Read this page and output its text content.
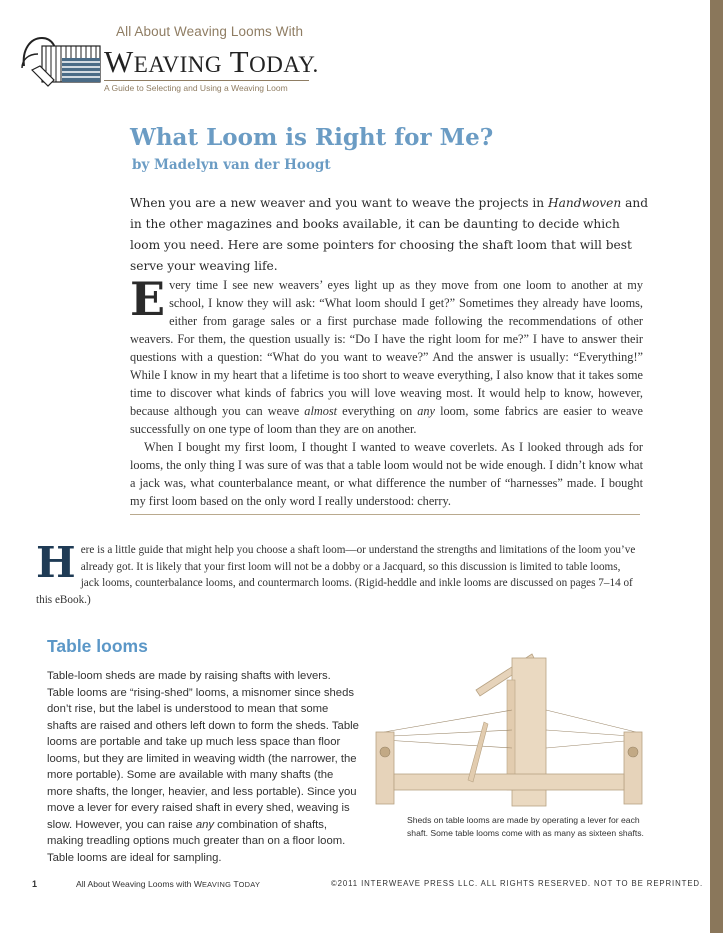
All About Weaving Looms With
WEAVING TODAY.
A Guide to Selecting and Using a Weaving Loom
What Loom is Right for Me?
by Madelyn van der Hoogt

When you are a new weaver and you want to weave the projects in Handwoven and in the other magazines and books available, it can be daunting to decide which loom you need. Here are some pointers for choosing the shaft loom that will best serve your weaving life.

Every time I see new weavers’ eyes light up as they move from one loom to another at my school, I know they will ask: “What loom should I get?” Sometimes they already have looms, either from garage sales or a first purchase made following the recommendations of other weavers. For them, the question usually is: “Do I have the right loom for me?” I have to answer their questions with a question: “What do you want to weave?” And the answer is usually: “Everything!” While I know in my heart that a lifetime is too short to weave everything, I also know that it takes some time to discover what kinds of fabrics you will love weaving most. It would help to know, however, because although you can weave almost everything on any loom, some fabrics are easier to weave successfully on one type of loom than they are on another.

When I bought my first loom, I thought I wanted to weave coverlets. As I looked through ads for looms, the only thing I was sure of was that a table loom would not be wide enough. I didn’t know what a jack was, what counterbalance meant, or what difference the number of “harnesses” made. I bought my first loom based on the only word I really understood: cherry.

Here is a little guide that might help you choose a shaft loom—or understand the strengths and limitations of the loom you’ve already got. It is likely that your first loom will not be a dobby or a Jacquard, so this discussion is limited to table looms, jack looms, counterbalance looms, and countermarch looms. (Rigid-heddle and inkle looms are discussed on pages 7–14 of this eBook.)
Table looms

Table-loom sheds are made by raising shafts with levers. Table looms are “rising-shed” looms, a misnomer since sheds don’t rise, but the label is understood to mean that some shafts are raised and others left down to form the sheds. Table looms are portable and take up much less space than floor looms, but they are limited in weaving width (the narrower, the more portable). Some are available with many shafts (the more shafts, the longer, heavier, and less portable). Since you move a lever for every raised shaft in every shed, weaving is slow. However, you can raise any combination of shafts, making treadling options much greater than on a floor loom. Table looms are ideal for sampling.

Sheds on table looms are made by operating a lever for each shaft. Some table looms come with as many as sixteen shafts.

1	All About Weaving Looms with WEAVING TODAY	©2011 INTERWEAVE PRESS LLC. ALL RIGHTS RESERVED. NOT TO BE REPRINTED.
